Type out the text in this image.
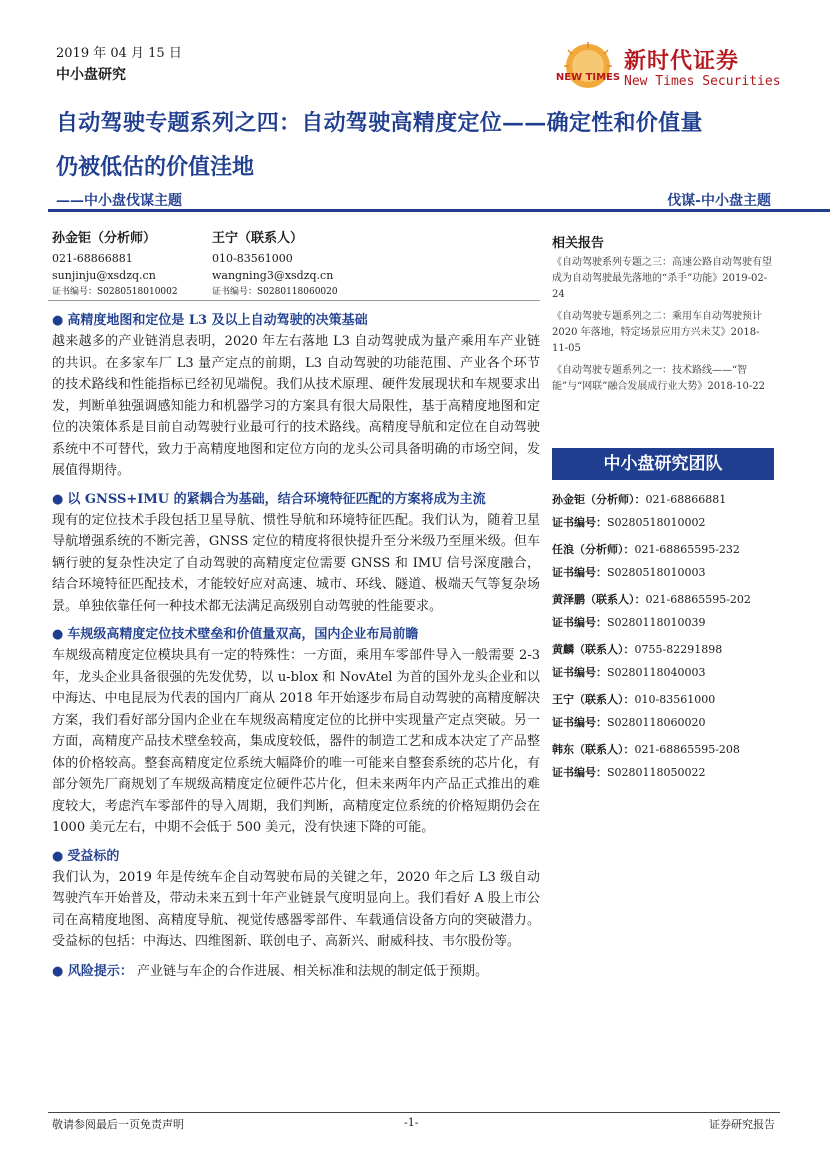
2019 年 04 月 15 日
中小盘研究	NEW TIMES
新时代证券
New Times Securities
自动驾驶专题系列之四：自动驾驶高精度定位——确定性和价值量
仍被低估的价值洼地
——中小盘伐谋主题	伐谋-中小盘主题
孙金钜（分析师）
021-68866881
sunjinju@xsdzq.cn
证书编号：S0280518010002
王宁（联系人）
010-83561000
wangning3@xsdzq.cn
证书编号：S0280118060020
● 高精度地图和定位是 L3 及以上自动驾驶的决策基础
越来越多的产业链消息表明，2020 年左右落地 L3 自动驾驶成为量产乘用车产业链的共识。在多家车厂 L3 量产定点的前期，L3 自动驾驶的功能范围、产业各个环节的技术路线和性能指标已经初见端倪。我们从技术原理、硬件发展现状和车规要求出发，判断单独强调感知能力和机器学习的方案具有很大局限性，基于高精度地图和定位的决策体系是目前自动驾驶行业最可行的技术路线。高精度导航和定位在自动驾驶系统中不可替代，致力于高精度地图和定位方向的龙头公司具备明确的市场空间，发展值得期待。
● 以 GNSS+IMU 的紧耦合为基础，结合环境特征匹配的方案将成为主流
现有的定位技术手段包括卫星导航、惯性导航和环境特征匹配。我们认为，随着卫星导航增强系统的不断完善，GNSS 定位的精度将很快提升至分米级乃至厘米级。但车辆行驶的复杂性决定了自动驾驶的高精度定位需要 GNSS 和 IMU 信号深度融合，结合环境特征匹配技术，才能较好应对高速、城市、环线、隧道、极端天气等复杂场景。单独依靠任何一种技术都无法满足高级别自动驾驶的性能要求。
● 车规级高精度定位技术壁垒和价值量双高，国内企业布局前瞻
车规级高精度定位模块具有一定的特殊性：一方面，乘用车零部件导入一般需要 2-3 年，龙头企业具备很强的先发优势，以 u-blox 和 NovAtel 为首的国外龙头企业和以中海达、中电昆辰为代表的国内厂商从 2018 年开始逐步布局自动驾驶的高精度解决方案，我们看好部分国内企业在车规级高精度定位的比拼中实现量产定点突破。另一方面，高精度产品技术壁垒较高，集成度较低，器件的制造工艺和成本决定了产品整体的价格较高。整套高精度定位系统大幅降价的唯一可能来自整套系统的芯片化，有部分领先厂商规划了车规级高精度定位硬件芯片化，但未来两年内产品正式推出的难度较大，考虑汽车零部件的导入周期，我们判断，高精度定位系统的价格短期仍会在 1000 美元左右，中期不会低于 500 美元，没有快速下降的可能。
● 受益标的
我们认为，2019 年是传统车企自动驾驶布局的关键之年，2020 年之后 L3 级自动驾驶汽车开始普及，带动未来五到十年产业链景气度明显向上。我们看好 A 股上市公司在高精度地图、高精度导航、视觉传感器零部件、车载通信设备方向的突破潜力。受益标的包括：中海达、四维图新、联创电子、高新兴、耐威科技、韦尔股份等。
● 风险提示： 产业链与车企的合作进展、相关标准和法规的制定低于预期。
相关报告
《自动驾驶系列专题之三：高速公路自动驾驶有望成为自动驾驶最先落地的“杀手”功能》2019-02-24
《自动驾驶专题系列之二：乘用车自动驾驶预计 2020 年落地，特定场景应用方兴未艾》2018-11-05
《自动驾驶专题系列之一：技术路线——“智能”与“网联”融合发展成行业大势》2018-10-22
中小盘研究团队
孙金钜（分析师）：021-68866881
证书编号：S0280518010002
任浪（分析师）：021-68865595-232
证书编号：S0280518010003
黄泽鹏（联系人）：021-68865595-202
证书编号：S0280118010039
黄麟（联系人）：0755-82291898
证书编号：S0280118040003
王宁（联系人）：010-83561000
证书编号：S0280118060020
韩东（联系人）：021-68865595-208
证书编号：S0280118050022
敬请参阅最后一页免责声明	-1-	证券研究报告
